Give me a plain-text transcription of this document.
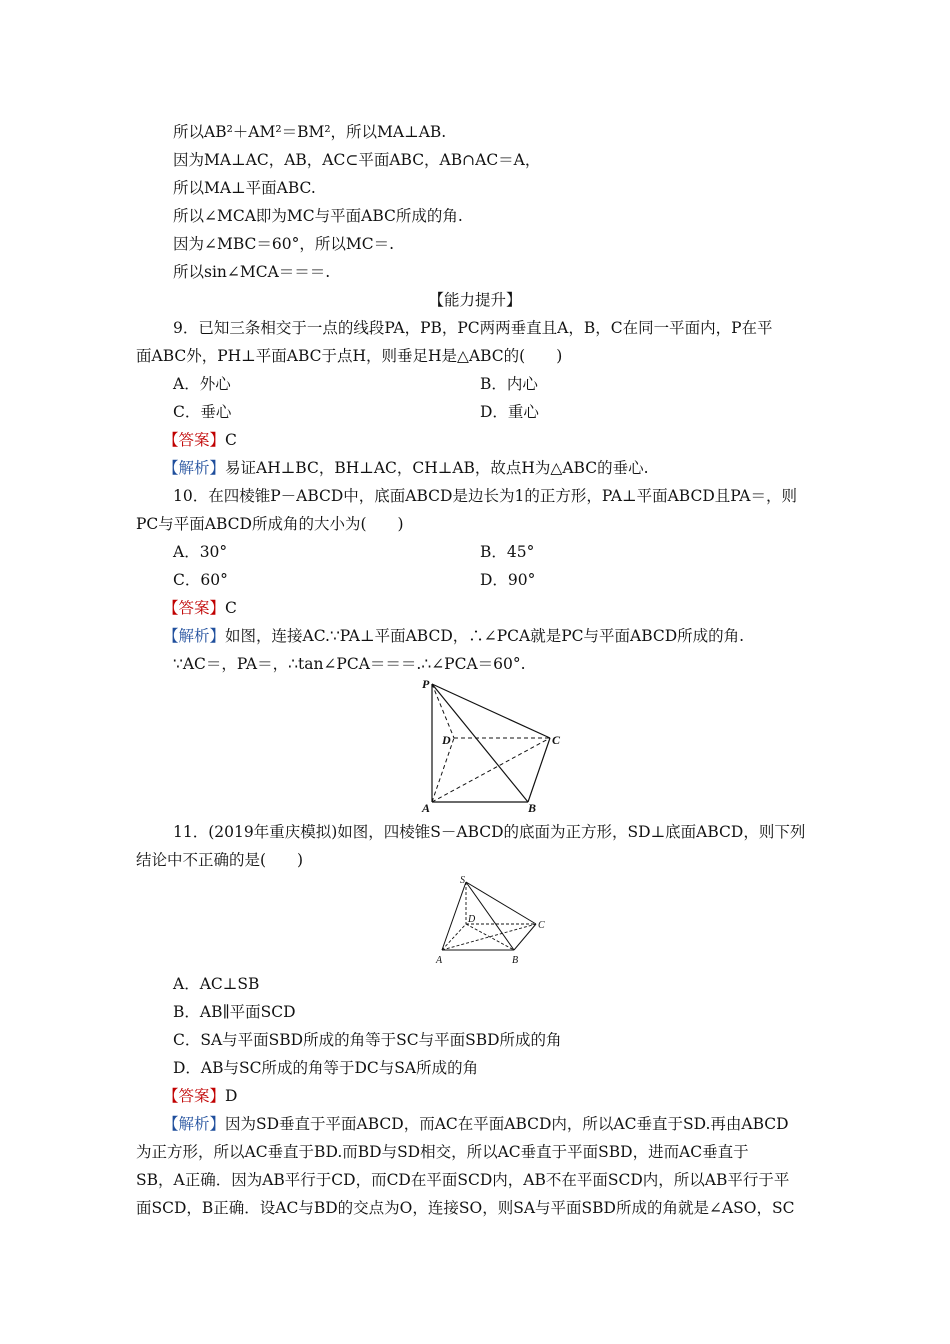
所以AB²＋AM²＝BM²，所以MA⊥AB.
因为MA⊥AC，AB，AC⊂平面ABC，AB∩AC＝A，
所以MA⊥平面ABC.
所以∠MCA即为MC与平面ABC所成的角.
因为∠MBC＝60°，所以MC＝.
所以sin∠MCA＝＝＝.
【能力提升】
9．已知三条相交于一点的线段PA，PB，PC两两垂直且A，B，C在同一平面内，P在平
面ABC外，PH⊥平面ABC于点H，则垂足H是△ABC的(　　)
A．外心	B．内心
C．垂心	D．重心
【答案】C
【解析】易证AH⊥BC，BH⊥AC，CH⊥AB，故点H为△ABC的垂心.
10．在四棱锥P－ABCD中，底面ABCD是边长为1的正方形，PA⊥平面ABCD且PA＝，则
PC与平面ABCD所成角的大小为(　　)
A．30°	B．45°
C．60°	D．90°
【答案】C
【解析】如图，连接AC.∵PA⊥平面ABCD，∴∠PCA就是PC与平面ABCD所成的角.
∵AC＝，PA＝，∴tan∠PCA＝＝＝.∴∠PCA＝60°.
P
D	C
A	B
11．(2019年重庆模拟)如图，四棱锥S－ABCD的底面为正方形，SD⊥底面ABCD，则下列
结论中不正确的是(　　)
S
D
C
A	B
A．AC⊥SB
B．AB∥平面SCD
C．SA与平面SBD所成的角等于SC与平面SBD所成的角
D．AB与SC所成的角等于DC与SA所成的角
【答案】D
【解析】因为SD垂直于平面ABCD，而AC在平面ABCD内，所以AC垂直于SD.再由ABCD
为正方形，所以AC垂直于BD.而BD与SD相交，所以AC垂直于平面SBD，进而AC垂直于
SB，A正确．因为AB平行于CD，而CD在平面SCD内，AB不在平面SCD内，所以AB平行于平
面SCD，B正确．设AC与BD的交点为O，连接SO，则SA与平面SBD所成的角就是∠ASO，SC
